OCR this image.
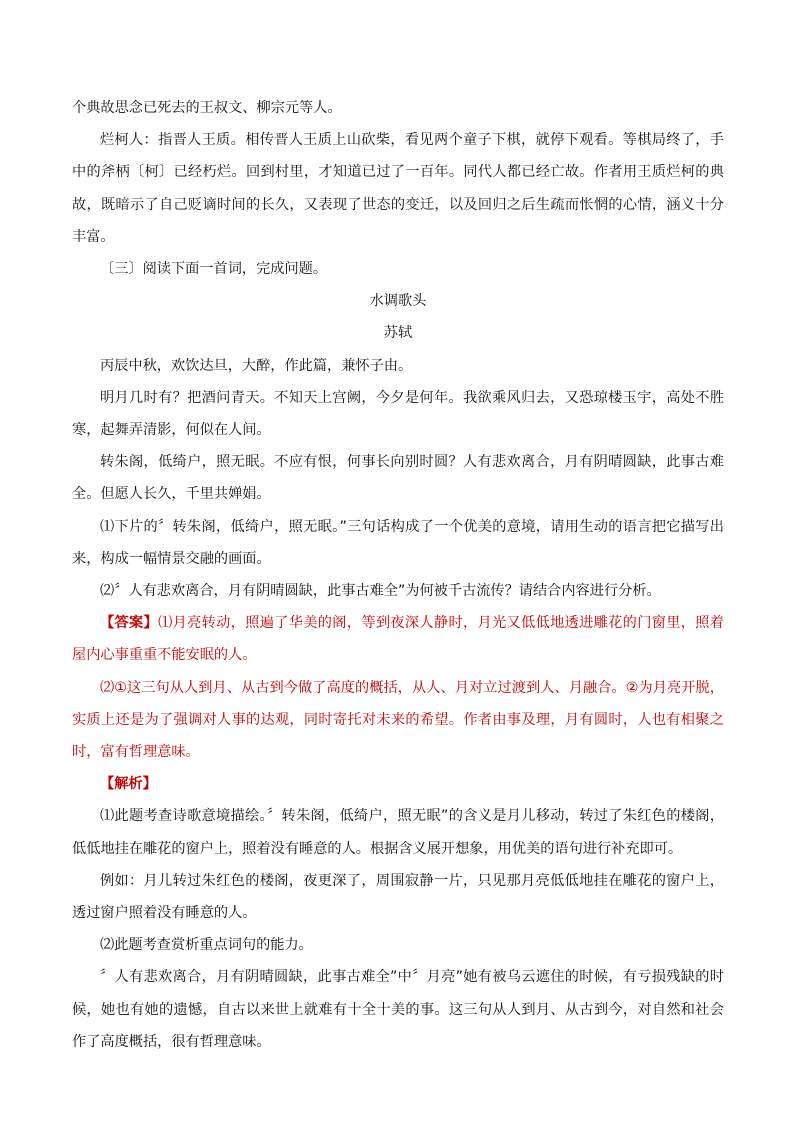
个典故思念已死去的王叔文、柳宗元等人。

烂柯人：指晋人王质。相传晋人王质上山砍柴，看见两个童子下棋，就停下观看。等棋局终了，手中的斧柄〔柯〕已经朽烂。回到村里，才知道已过了一百年。同代人都已经亡故。作者用王质烂柯的典故，既暗示了自己贬谪时间的长久，又表现了世态的变迁，以及回归之后生疏而怅惘的心情，涵义十分丰富。

〔三〕阅读下面一首词，完成问题。

水调歌头

苏轼

丙辰中秋，欢饮达旦，大醉，作此篇，兼怀子由。

明月几时有？把酒问青天。不知天上宫阙，今夕是何年。我欲乘风归去，又恐琼楼玉宇，高处不胜寒，起舞弄清影，何似在人间。

转朱阁，低绮户，照无眠。不应有恨，何事长向别时圆？人有悲欢离合，月有阴晴圆缺，此事古难全。但愿人长久，千里共婵娟。

⑴下片的〞转朱阁，低绮户，照无眠。”三句话构成了一个优美的意境，请用生动的语言把它描写出来，构成一幅情景交融的画面。

⑵〞人有悲欢离合，月有阴晴圆缺，此事古难全”为何被千古流传？请结合内容进行分析。

【答案】⑴月亮转动，照遍了华美的阁，等到夜深人静时，月光又低低地透进雕花的门窗里，照着屋内心事重重不能安眠的人。

⑵①这三句从人到月、从古到今做了高度的概括，从人、月对立过渡到人、月融合。②为月亮开脱，实质上还是为了强调对人事的达观，同时寄托对未来的希望。作者由事及理，月有圆时，人也有相聚之时，富有哲理意味。

【解析】

⑴此题考查诗歌意境描绘。〞转朱阁，低绮户，照无眠”的含义是月儿移动，转过了朱红色的楼阁，低低地挂在雕花的窗户上，照着没有睡意的人。根据含义展开想象，用优美的语句进行补充即可。

例如：月儿转过朱红色的楼阁，夜更深了，周围寂静一片，只见那月亮低低地挂在雕花的窗户上，透过窗户照着没有睡意的人。

⑵此题考查赏析重点词句的能力。

〞人有悲欢离合，月有阴晴圆缺，此事古难全”中〞月亮”她有被乌云遮住的时候，有亏损残缺的时候，她也有她的遗憾，自古以来世上就难有十全十美的事。这三句从人到月、从古到今，对自然和社会作了高度概括，很有哲理意味。
